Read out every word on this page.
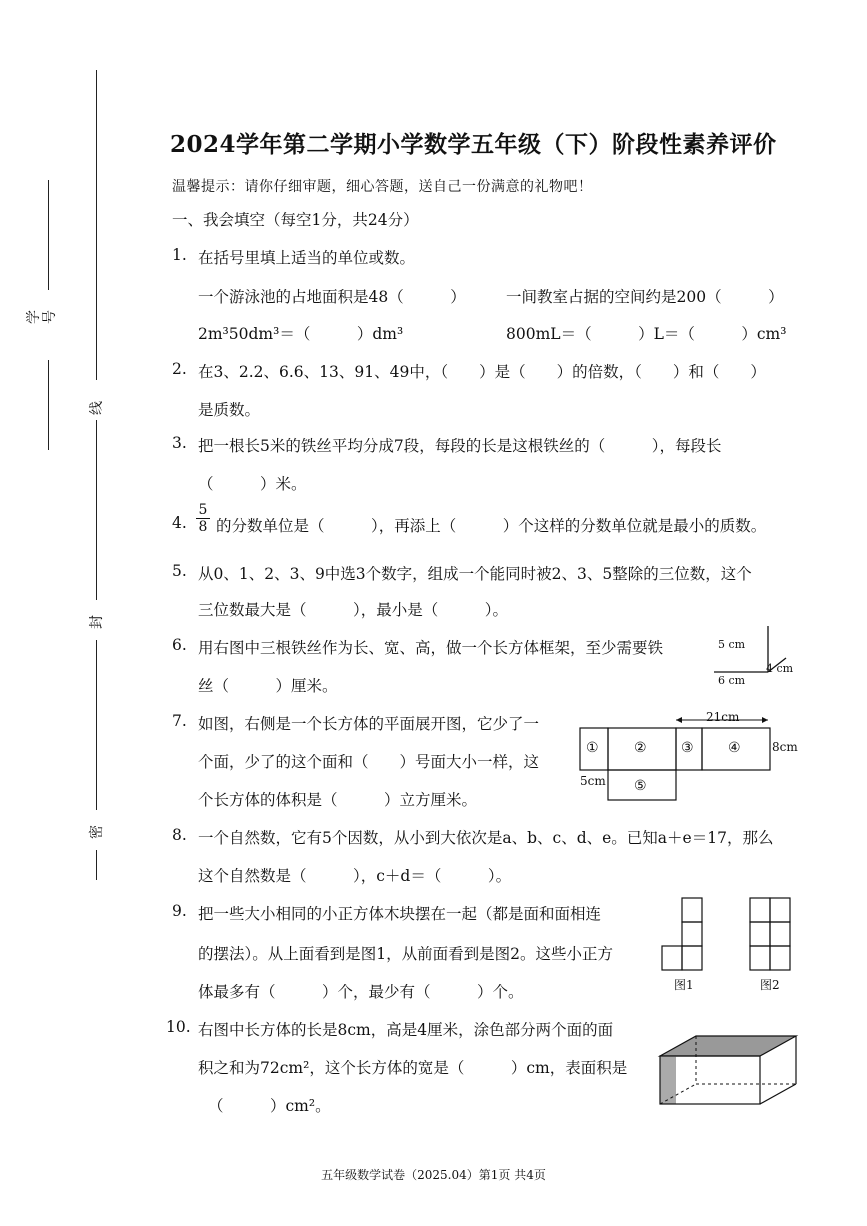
学号
线
封
密
2024学年第二学期小学数学五年级（下）阶段性素养评价
温馨提示：请你仔细审题，细心答题，送自己一份满意的礼物吧！
一、我会填空（每空1分，共24分）
1. 在括号里填上适当的单位或数。
一个游泳池的占地面积是48（　　　）	一间教室占据的空间约是200（　　　）
2m³50dm³＝（　　　）dm³	800mL＝（　　　）L＝（　　　）cm³
2. 在3、2.2、6.6、13、91、49中，（　　）是（　　）的倍数，（　　）和（　　）
是质数。
3. 把一根长5米的铁丝平均分成7段，每段的长是这根铁丝的（　　　），每段长
（　　　）米。
4. $\frac{5}{8}$ 的分数单位是（　　　），再添上（　　　）个这样的分数单位就是最小的质数。
5. 从0、1、2、3、9中选3个数字，组成一个能同时被2、3、5整除的三位数，这个
三位数最大是（　　　），最小是（　　　）。
6. 用右图中三根铁丝作为长、宽、高，做一个长方体框架，至少需要铁
丝（　　　）厘米。
5 cm
4 cm
6 cm
7. 如图，右侧是一个长方体的平面展开图，它少了一
个面，少了的这个面和（　　）号面大小一样，这
个长方体的体积是（　　　）立方厘米。
21cm
8cm
5cm
①	② ③ ④
⑤
8. 一个自然数，它有5个因数，从小到大依次是a、b、c、d、e。已知a＋e＝17，那么
这个自然数是（　　　），c＋d＝（　　　）。
9. 把一些大小相同的小正方体木块摆在一起（都是面和面相连
的摆法）。从上面看到是图1，从前面看到是图2。这些小正方
体最多有（　　　）个，最少有（　　　）个。	图1	图2
10. 右图中长方体的长是8cm，高是4厘米，涂色部分两个面的面
积之和为72cm²，这个长方体的宽是（　　　）cm，表面积是
（　　　）cm²。
五年级数学试卷（2025.04）第1页 共4页
